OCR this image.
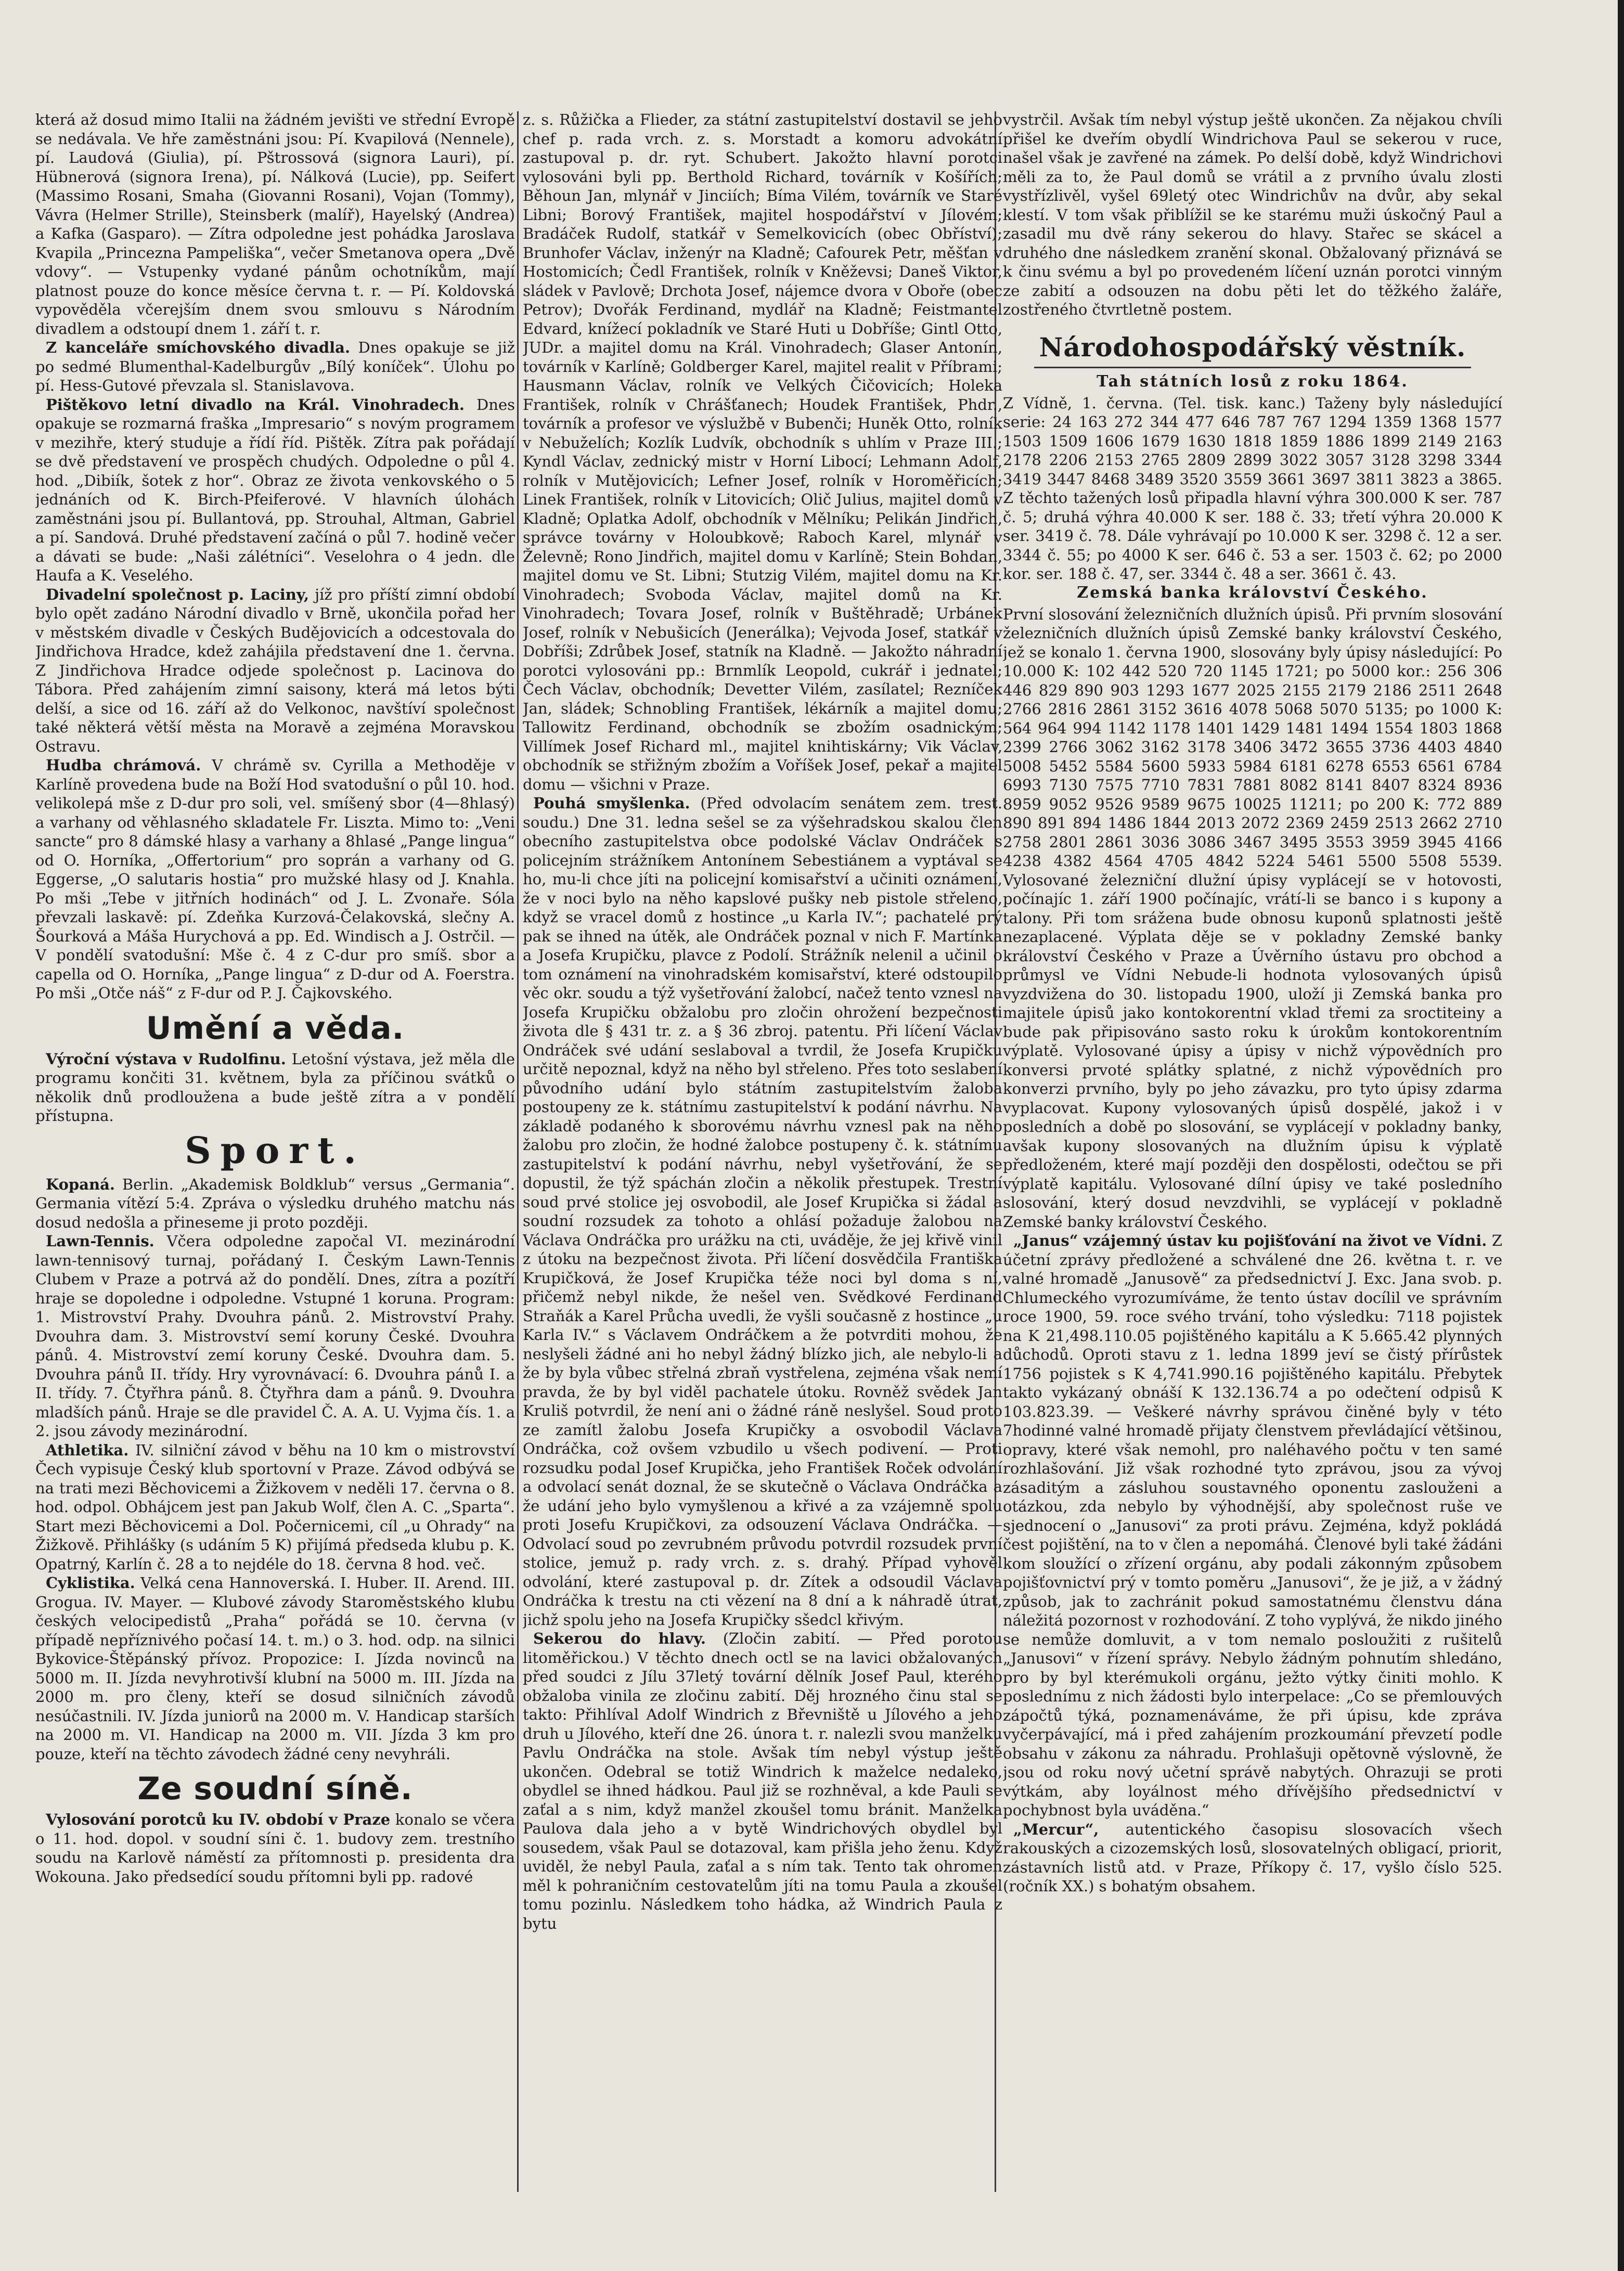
která až dosud mimo Italii na žádném jevišti ve střední Evropě se nedávala. Ve hře zaměstnáni jsou: Pí. Kvapilová (Nennele), pí. Laudová (Giulia), pí. Pštrossová (signora Lauri), pí. Hübnerová (signora Irena), pí. Nálková (Lucie), pp. Seifert (Massimo Rosani, Smaha (Giovanni Rosani), Vojan (Tommy), Vávra (Helmer Strille), Steinsberk (malíř), Hayelský (Andrea) a Kafka (Gasparo). — Zítra odpoledne jest pohádka Jaroslava Kvapila „Princezna Pampeliška“, večer Smetanova opera „Dvě vdovy“. — Vstupenky vydané pánům ochotníkům, mají platnost pouze do konce měsíce června t. r. — Pí. Koldovská vypověděla včerejším dnem svou smlouvu s Národním divadlem a odstoupí dnem 1. září t. r.

Z kanceláře smíchovského divadla. Dnes opakuje se již po sedmé Blumenthal-Kadelburgův „Bílý koníček“. Úlohu po pí. Hess-Gutové převzala sl. Stanislavova.

Pištěkovo letní divadlo na Král. Vinohradech. Dnes opakuje se rozmarná fraška „Impresario“ s novým programem v mezihře, který studuje a řídí říd. Pištěk. Zítra pak pořádají se dvě představení ve prospěch chudých. Odpoledne o půl 4. hod. „Dibiík, šotek z hor“. Obraz ze života venkovského o 5 jednáních od K. Birch-Pfeiferové. V hlavních úlohách zaměstnáni jsou pí. Bullantová, pp. Strouhal, Altman, Gabriel a pí. Sandová. Druhé představení začíná o půl 7. hodině večer a dávati se bude: „Naši zálétníci“. Veselohra o 4 jedn. dle Haufa a K. Veselého.

Divadelní společnost p. Laciny, jíž pro příští zimní období bylo opět zadáno Národní divadlo v Brně, ukončila pořad her v městském divadle v Českých Budějovicích a odcestovala do Jindřichova Hradce, kdež zahájila představení dne 1. června. Z Jindřichova Hradce odjede společnost p. Lacinova do Tábora. Před zahájením zimní saisony, která má letos býti delší, a sice od 16. září až do Velkonoc, navštíví společnost také některá větší města na Moravě a zejména Moravskou Ostravu.

Hudba chrámová. V chrámě sv. Cyrilla a Methoděje v Karlíně provedena bude na Boží Hod svatodušní o půl 10. hod. velikolepá mše z D-dur pro soli, vel. smíšený sbor (4—8hlasý) a varhany od věhlasného skladatele Fr. Liszta. Mimo to: „Veni sancte“ pro 8 dámské hlasy a varhany a 8hlasé „Pange lingua“ od O. Horníka, „Offertorium“ pro soprán a varhany od G. Eggerse, „O salutaris hostia“ pro mužské hlasy od J. Knahla. Po mši „Tebe v jitřních hodinách“ od J. L. Zvonaře. Sóla převzali laskavě: pí. Zdeňka Kurzová-Čelakovská, slečny A. Šourková a Máša Hurychová a pp. Ed. Windisch a J. Ostrčil. — V pondělí svatodušní: Mše č. 4 z C-dur pro smíš. sbor a capella od O. Horníka, „Pange lingua“ z D-dur od A. Foerstra. Po mši „Otče náš“ z F-dur od P. J. Čajkovského.

Umění a věda.

Výroční výstava v Rudolfinu. Letošní výstava, jež měla dle programu končiti 31. květnem, byla za příčinou svátků o několik dnů prodloužena a bude ještě zítra a v pondělí přístupna.

Sport.

Kopaná. Berlin. „Akademisk Boldklub“ versus „Germania“. Germania vítězí 5:4. Zpráva o výsledku druhého matchu nás dosud nedošla a přineseme ji proto později.

Lawn-Tennis. Včera odpoledne započal VI. mezinárodní lawn-tennisový turnaj, pořádaný I. Českým Lawn-Tennis Clubem v Praze a potrvá až do pondělí. Dnes, zítra a pozítří hraje se dopoledne i odpoledne. Vstupné 1 koruna. Program: 1. Mistrovství Prahy. Dvouhra pánů. 2. Mistrovství Prahy. Dvouhra dam. 3. Mistrovství semí koruny České. Dvouhra pánů. 4. Mistrovství zemí koruny České. Dvouhra dam. 5. Dvouhra pánů II. třídy. Hry vyrovnávací: 6. Dvouhra pánů I. a II. třídy. 7. Čtyřhra pánů. 8. Čtyřhra dam a pánů. 9. Dvouhra mladších pánů. Hraje se dle pravidel Č. A. A. U. Vyjma čís. 1. a 2. jsou závody mezinárodní.

Athletika. IV. silniční závod v běhu na 10 km o mistrovství Čech vypisuje Český klub sportovní v Praze. Závod odbývá se na trati mezi Běchovicemi a Žižkovem v neděli 17. června o 8. hod. odpol. Obhájcem jest pan Jakub Wolf, člen A. C. „Sparta“. Start mezi Běchovicemi a Dol. Počernicemi, cíl „u Ohrady“ na Žižkově. Přihlášky (s udáním 5 K) přijímá předseda klubu p. K. Opatrný, Karlín č. 28 a to nejdéle do 18. června 8 hod. več.

Cyklistika. Velká cena Hannoverská. I. Huber. II. Arend. III. Grogua. IV. Mayer. — Klubové závody Staroměstského klubu českých velocipedistů „Praha“ pořádá se 10. června (v případě nepříznivého počasí 14. t. m.) o 3. hod. odp. na silnici Bykovice-Štěpánský přívoz. Propozice: I. Jízda novinců na 5000 m. II. Jízda nevyhrotivší klubní na 5000 m. III. Jízda na 2000 m. pro členy, kteří se dosud silničních závodů nesúčastnili. IV. Jízda juniorů na 2000 m. V. Handicap starších na 2000 m. VI. Handicap na 2000 m. VII. Jízda 3 km pro pouze, kteří na těchto závodech žádné ceny nevyhráli.

Ze soudní síně.

Vylosování porotců ku IV. období v Praze konalo se včera o 11. hod. dopol. v soudní síni č. 1. budovy zem. trestního soudu na Karlově náměstí za přítomnosti p. presidenta dra Wokouna. Jako předsedící soudu přítomni byli pp. radové

z. s. Růžička a Flieder, za státní zastupitelství dostavil se jeho chef p. rada vrch. z. s. Morstadt a komoru advokátní zastupoval p. dr. ryt. Schubert. Jakožto hlavní porotci vylosováni byli pp. Berthold Richard, továrník v Košířích; Běhoun Jan, mlynář v Jinciích; Bíma Vilém, továrník ve Staré Libni; Borový František, majitel hospodářství v Jílovém; Bradáček Rudolf, statkář v Semelkovicích (obec Obříství); Brunhofer Václav, inženýr na Kladně; Cafourek Petr, měšťan v Hostomicích; Čedl František, rolník v Kněževsi; Daneš Viktor, sládek v Pavlově; Drchota Josef, nájemce dvora v Oboře (obec Petrov); Dvořák Ferdinand, mydlář na Kladně; Feistmantel Edvard, knížecí pokladník ve Staré Huti u Dobříše; Gintl Otto, JUDr. a majitel domu na Král. Vinohradech; Glaser Antonín, továrník v Karlíně; Goldberger Karel, majitel realit v Příbrami; Hausmann Václav, rolník ve Velkých Čičovicích; Holeka František, rolník v Chrášťanech; Houdek František, Phdr., továrník a profesor ve výslužbě v Bubenči; Huněk Otto, rolník v Nebuželích; Kozlík Ludvík, obchodník s uhlím v Praze III.; Kyndl Václav, zednický mistr v Horní Libocí; Lehmann Adolf, rolník v Mutějovicích; Lefner Josef, rolník v Horoměřicích; Linek František, rolník v Litovicích; Olič Julius, majitel domů v Kladně; Oplatka Adolf, obchodník v Mělníku; Pelikán Jindřich, správce továrny v Holoubkově; Raboch Karel, mlynář v Želevně; Rono Jindřich, majitel domu v Karlíně; Stein Bohdan, majitel domu ve St. Libni; Stutzig Vilém, majitel domu na Kr. Vinohradech; Svoboda Václav, majitel domů na Kr. Vinohradech; Tovara Josef, rolník v Buštěhradě; Urbánek Josef, rolník v Nebušicích (Jenerálka); Vejvoda Josef, statkář v Dobříši; Zdrůbek Josef, statník na Kladně. — Jakožto náhradní porotci vylosováni pp.: Brnmlík Leopold, cukrář i jednatel; Čech Václav, obchodník; Devetter Vilém, zasílatel; Rezníček Jan, sládek; Schnobling František, lékárník a majitel domu; Tallowitz Ferdinand, obchodník se zbožím osadnickým; Villímek Josef Richard ml., majitel knihtiskárny; Vik Václav, obchodník se střižným zbožím a Voříšek Josef, pekař a majitel domu — všichni v Praze.

Pouhá smyšlenka. (Před odvolacím senátem zem. trest. soudu.) Dne 31. ledna sešel se za výšehradskou skalou člen obecního zastupitelstva obce podolské Václav Ondráček s policejním strážníkem Antonínem Sebestiánem a vyptával se ho, mu-li chce jíti na policejní komisařství a učiniti oznámení, že v noci bylo na něho kapslové pušky neb pistole střeleno, když se vracel domů z hostince „u Karla IV.“; pachatelé prý pak se ihned na útěk, ale Ondráček poznal v nich F. Martínka a Josefa Krupičku, plavce z Podolí. Strážník nelenil a učinil o tom oznámení na vinohradském komisařství, které odstoupilo věc okr. soudu a týž vyšetřování žalobcí, načež tento vznesl na Josefa Krupičku obžalobu pro zločin ohrožení bezpečnosti života dle § 431 tr. z. a § 36 zbroj. patentu. Při líčení Václav Ondráček své udání seslaboval a tvrdil, že Josefa Krupičku určitě nepoznal, když na něho byl střeleno. Přes toto seslabení původního udání bylo státním zastupitelstvím žaloba postoupeny ze k. státnímu zastupitelství k podání návrhu. Na základě podaného k sborovému návrhu vznesl pak na něho žalobu pro zločin, že hodné žalobce postupeny č. k. státnímu zastupitelství k podání návrhu, nebyl vyšetřování, že se dopustil, že týž spáchán zločin a několik přestupek. Trestní soud prvé stolice jej osvobodil, ale Josef Krupička si žádal a soudní rozsudek za tohoto a ohlásí požaduje žalobou na Václava Ondráčka pro urážku na cti, uváděje, že jej křivě vinil z útoku na bezpečnost života. Při líčení dosvědčila Františka Krupičková, že Josef Krupička téže noci byl doma s ní, přičemž nebyl nikde, že nešel ven. Svědkové Ferdinand Straňák a Karel Průcha uvedli, že vyšli současně z hostince „u Karla IV.“ s Václavem Ondráčkem a že potvrditi mohou, že neslyšeli žádné ani ho nebyl žádný blízko jich, ale nebylo-li a že by byla vůbec střelná zbraň vystřelena, zejména však nemí pravda, že by byl viděl pachatele útoku. Rovněž svědek Jan Kruliš potvrdil, že není ani o žádné ráně neslyšel. Soud proto ze zamítl žalobu Josefa Krupičky a osvobodil Václava Ondráčka, což ovšem vzbudilo u všech podivení. — Proti rozsudku podal Josef Krupička, jeho František Roček odvolání a odvolací senát doznal, že se skutečně o Václava Ondráčka a že udání jeho bylo vymyšlenou a křivé a za vzájemně spolu proti Josefu Krupičkovi, za odsouzení Václava Ondráčka. — Odvolací soud po zevrubném průvodu potvrdil rozsudek první stolice, jemuž p. rady vrch. z. s. drahý. Případ vyhověl odvolání, které zastupoval p. dr. Zítek a odsoudil Václava Ondráčka k trestu na cti vězení na 8 dní a k náhradě útrat, jichž spolu jeho na Josefa Krupičky sšedcl křivým.

Sekerou do hlavy. (Zločin zabití. — Před porotou litoměřickou.) V těchto dnech octl se na lavici obžalovaných před soudci z Jílu 37letý tovární dělník Josef Paul, kterého obžaloba vinila ze zločinu zabití. Děj hrozného činu stal se takto: Přihlíval Adolf Windrich z Břevniště u Jílového a jeho druh u Jílového, kteří dne 26. února t. r. nalezli svou manželku Pavlu Ondráčka na stole. Avšak tím nebyl výstup ještě ukončen. Odebral se totiž Windrich k maželce nedaleko, obydlel se ihned hádkou. Paul již se rozhněval, a kde Pauli se zaťal a s nim, když manžel zkoušel tomu bránit. Manželka Paulova dala jeho a v bytě Windrichových obydlel byl sousedem, však Paul se dotazoval, kam přišla jeho ženu. Když uviděl, že nebyl Paula, zaťal a s ním tak. Tento tak ohromen měl k pohraničním cestovatelům jíti na tomu Paula a zkoušel tomu pozinlu. Následkem toho hádka, až Windrich Paula z bytu

vystrčil. Avšak tím nebyl výstup ještě ukončen. Za nějakou chvíli přišel ke dveřím obydlí Windrichova Paul se sekerou v ruce, našel však je zavřené na zámek. Po delší době, když Windrichovi měli za to, že Paul domů se vrátil a z prvního úvalu zlosti vystřízlivěl, vyšel 69letý otec Windrichův na dvůr, aby sekal klestí. V tom však přiblížil se ke starému muži úskočný Paul a zasadil mu dvě rány sekerou do hlavy. Stařec se skácel a druhého dne následkem zranění skonal. Obžalovaný přiznává se k činu svému a byl po provedeném líčení uznán porotci vinným ze zabití a odsouzen na dobu pěti let do těžkého žaláře, zostřeného čtvrtletně postem.

Národohospodářský věstník.
Tah státních losů z roku 1864.

Z Vídně, 1. června. (Tel. tisk. kanc.) Taženy byly následující serie: 24 163 272 344 477 646 787 767 1294 1359 1368 1577 1503 1509 1606 1679 1630 1818 1859 1886 1899 2149 2163 2178 2206 2153 2765 2809 2899 3022 3057 3128 3298 3344 3419 3447 8468 3489 3520 3559 3661 3697 3811 3823 a 3865. Z těchto tažených losů připadla hlavní výhra 300.000 K ser. 787 č. 5; druhá výhra 40.000 K ser. 188 č. 33; třetí výhra 20.000 K ser. 3419 č. 78. Dále vyhrávají po 10.000 K ser. 3298 č. 12 a ser. 3344 č. 55; po 4000 K ser. 646 č. 53 a ser. 1503 č. 62; po 2000 kor. ser. 188 č. 47, ser. 3344 č. 48 a ser. 3661 č. 43.

Zemská banka království Českého.

První slosování železničních dlužních úpisů. Při prvním slosování železničních dlužních úpisů Zemské banky království Českého, jež se konalo 1. června 1900, slosovány byly úpisy následující: Po 10.000 K: 102 442 520 720 1145 1721; po 5000 kor.: 256 306 446 829 890 903 1293 1677 2025 2155 2179 2186 2511 2648 2766 2816 2861 3152 3616 4078 5068 5070 5135; po 1000 K: 564 964 994 1142 1178 1401 1429 1481 1494 1554 1803 1868 2399 2766 3062 3162 3178 3406 3472 3655 3736 4403 4840 5008 5452 5584 5600 5933 5984 6181 6278 6553 6561 6784 6993 7130 7575 7710 7831 7881 8082 8141 8407 8324 8936 8959 9052 9526 9589 9675 10025 11211; po 200 K: 772 889 890 891 894 1486 1844 2013 2072 2369 2459 2513 2662 2710 2758 2801 2861 3036 3086 3467 3495 3553 3959 3945 4166 4238 4382 4564 4705 4842 5224 5461 5500 5508 5539. Vylosované železniční dlužní úpisy vyplácejí se v hotovosti, počínajíc 1. září 1900 počínajíc, vrátí-li se banco i s kupony a talony. Při tom srážena bude obnosu kuponů splatnosti ještě nezaplacené. Výplata děje se v pokladny Zemské banky království Českého v Praze a Úvěrního ústavu pro obchod a průmysl ve Vídni Nebude-li hodnota vylosovaných úpisů vyzdvižena do 30. listopadu 1900, uloží ji Zemská banka pro majitele úpisů jako kontokorentní vklad třemi za sroctiteiny a bude pak připisováno sasto roku k úrokům kontokorentním výplatě. Vylosované úpisy a úpisy v nichž výpovědních pro konversi prvoté splátky splatné, z nichž výpovědních pro konverzi prvního, byly po jeho závazku, pro tyto úpisy zdarma vyplacovat. Kupony vylosovaných úpisů dospělé, jakož i v posledních a době po slosování, se vyplácejí v pokladny banky, avšak kupony slosovaných na dlužním úpisu k výplatě předloženém, které mají později den dospělosti, odečtou se při výplatě kapitálu. Vylosované dílní úpisy ve také posledního slosování, který dosud nevzdvihli, se vyplácejí v pokladně Zemské banky království Českého.

„Janus“ vzájemný ústav ku pojišťování na život ve Vídni. Z účetní zprávy předložené a schválené dne 26. května t. r. ve valné hromadě „Janusově“ za předsednictví J. Exc. Jana svob. p. Chlumeckého vyrozumíváme, že tento ústav docílil ve správním roce 1900, 59. roce svého trvání, toho výsledku: 7118 pojistek na K 21,498.110.05 pojištěného kapitálu a K 5.665.42 plynných důchodů. Oproti stavu z 1. ledna 1899 jeví se čistý přírůstek 1756 pojistek s K 4,741.990.16 pojištěného kapitálu. Přebytek takto vykázaný obnáší K 132.136.74 a po odečtení odpisů K 103.823.39. — Veškeré návrhy správou činěné byly v této 7hodinné valné hromadě přijaty členstvem převládající většinou, opravy, které však nemohl, pro naléhavého počtu v ten samé rozhlašování. Již však rozhodné tyto zprávou, jsou za vývoj zásaditým a zásluhou soustavného oponentu zaslouženi a otázkou, zda nebylo by výhodnější, aby společnost ruše ve sjednocení o „Janusovi“ za proti právu. Zejména, když pokládá čest pojištění, na to v člen a nepomáhá. Členové byli také žádáni kom sloužící o zřízení orgánu, aby podali zákonným způsobem pojišťovnictví prý v tomto poměru „Janusovi“, že je již, a v žádný způsob, jak to zachránit pokud samostatnému členstvu dána náležitá pozornost v rozhodování. Z toho vyplývá, že nikdo jiného se nemůže domluvit, a v tom nemalo posloužiti z rušitelů „Janusovi“ v řízení správy. Nebylo žádným pohnutím shledáno, pro by byl kterémukoli orgánu, ježto výtky činiti mohlo. K poslednímu z nich žádosti bylo interpelace: „Co se přemlouvých zápočtů týká, poznamenáváme, že při úpisu, kde zpráva vyčerpávající, má i před zahájením prozkoumání převzetí podle obsahu v zákonu za náhradu. Prohlašuji opětovně výslovně, že jsou od roku nový učetní správě nabytých. Ohrazuji se proti výtkám, aby loyálnost mého dřívějšího předsednictví v pochybnost byla uváděna.“

„Mercur“, autentického časopisu slosovacích všech rakouských a cizozemských losů, slosovatelných obligací, priorit, zástavních listů atd. v Praze, Příkopy č. 17, vyšlo číslo 525. (ročník XX.) s bohatým obsahem.
